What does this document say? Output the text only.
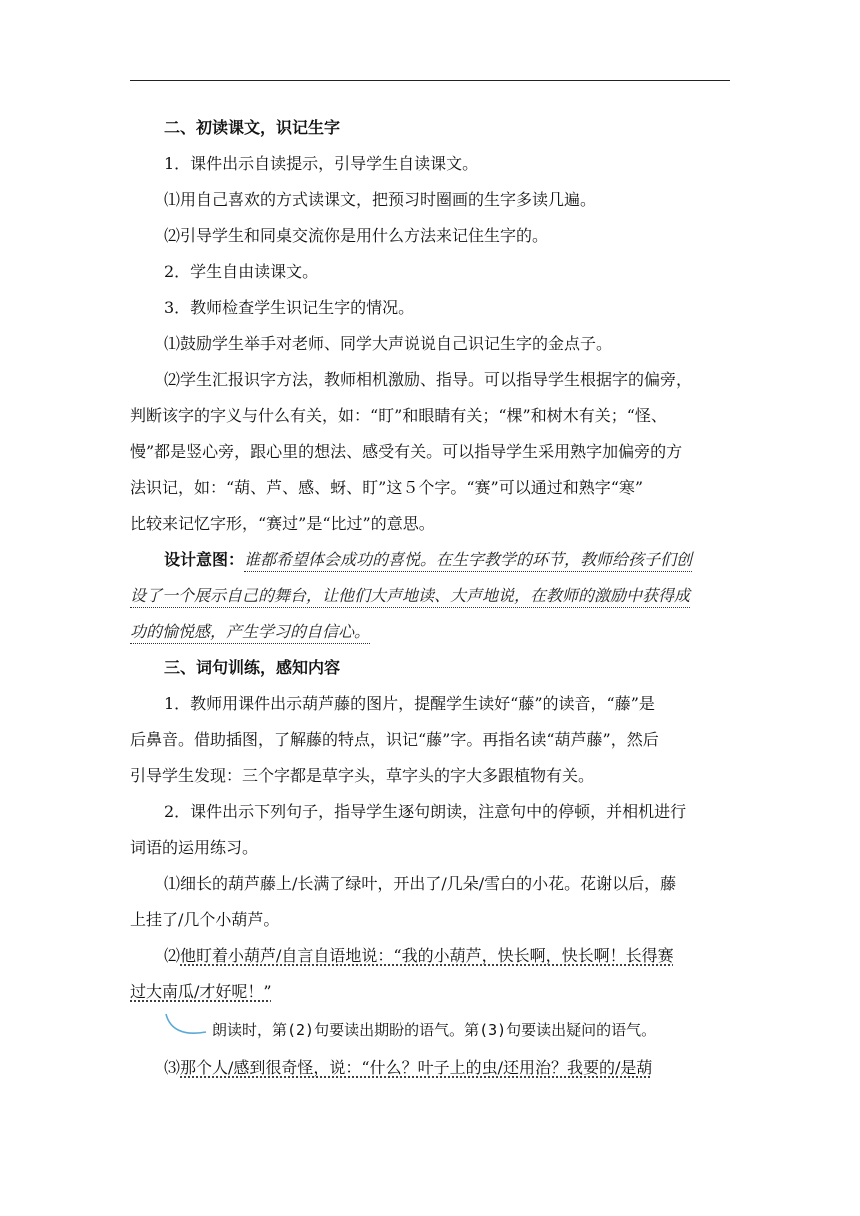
二、初读课文，识记生字

1．课件出示自读提示，引导学生自读课文。

⑴用自己喜欢的方式读课文，把预习时圈画的生字多读几遍。

⑵引导学生和同桌交流你是用什么方法来记住生字的。

2．学生自由读课文。

3．教师检查学生识记生字的情况。

⑴鼓励学生举手对老师、同学大声说说自己识记生字的金点子。

⑵学生汇报识字方法，教师相机激励、指导。可以指导学生根据字的偏旁，

判断该字的字义与什么有关，如：“盯”和眼睛有关；“棵”和树木有关；“怪、

慢”都是竖心旁，跟心里的想法、感受有关。可以指导学生采用熟字加偏旁的方

法识记，如：“葫、芦、感、蚜、盯”这５个字。“赛”可以通过和熟字“寒”

比较来记忆字形，“赛过”是“比过”的意思。

设计意图：谁都希望体会成功的喜悦。在生字教学的环节，教师给孩子们创

设了一个展示自己的舞台，让他们大声地读、大声地说，在教师的激励中获得成

功的愉悦感，产生学习的自信心。

三、词句训练，感知内容

1．教师用课件出示葫芦藤的图片，提醒学生读好“藤”的读音，“藤”是

后鼻音。借助插图，了解藤的特点，识记“藤”字。再指名读“葫芦藤”，然后

引导学生发现：三个字都是草字头，草字头的字大多跟植物有关。

2．课件出示下列句子，指导学生逐句朗读，注意句中的停顿，并相机进行

词语的运用练习。

⑴细长的葫芦藤上/长满了绿叶，开出了/几朵/雪白的小花。花谢以后，藤

上挂了/几个小葫芦。

⑵他盯着小葫芦/自言自语地说：“我的小葫芦，快长啊，快长啊！长得赛

过大南瓜/才好呢！”

朗读时，第(2)句要读出期盼的语气。第(3)句要读出疑问的语气。

⑶那个人/感到很奇怪，说：“什么？叶子上的虫/还用治？我要的/是葫
